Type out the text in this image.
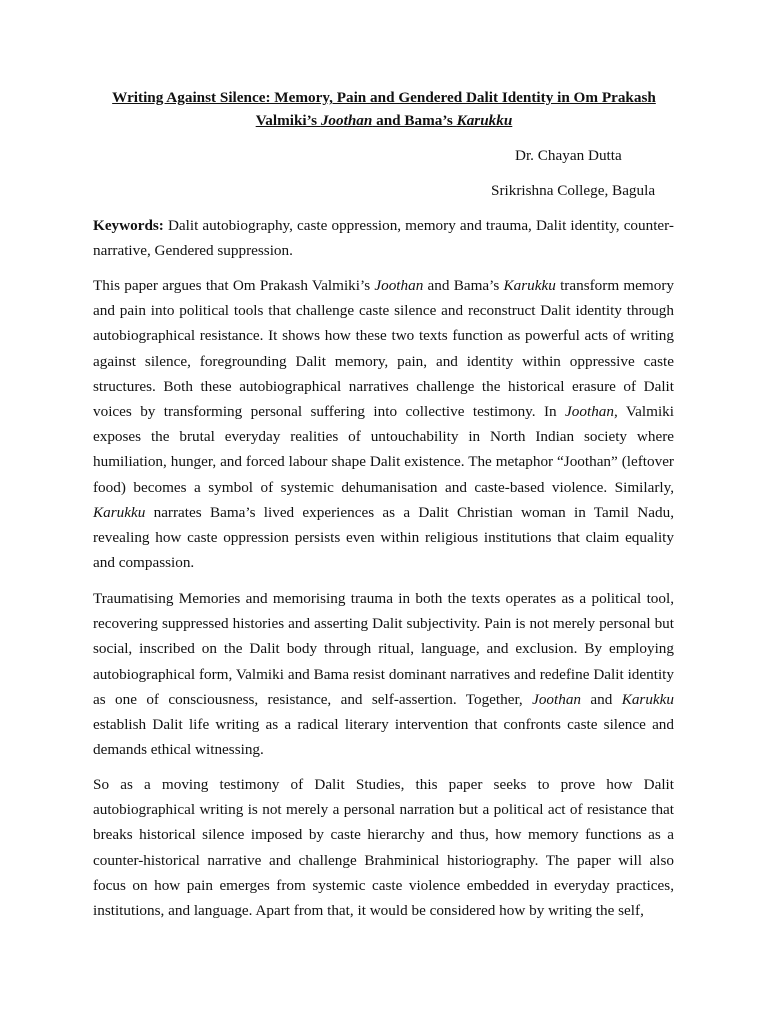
Writing Against Silence: Memory, Pain and Gendered Dalit Identity in Om Prakash Valmiki’s Joothan and Bama’s Karukku

Dr. Chayan Dutta

Srikrishna College, Bagula

Keywords: Dalit autobiography, caste oppression, memory and trauma, Dalit identity, counter-narrative, Gendered suppression.

This paper argues that Om Prakash Valmiki’s Joothan and Bama’s Karukku transform memory and pain into political tools that challenge caste silence and reconstruct Dalit identity through autobiographical resistance. It shows how these two texts function as powerful acts of writing against silence, foregrounding Dalit memory, pain, and identity within oppressive caste structures. Both these autobiographical narratives challenge the historical erasure of Dalit voices by transforming personal suffering into collective testimony. In Joothan, Valmiki exposes the brutal everyday realities of untouchability in North Indian society where humiliation, hunger, and forced labour shape Dalit existence. The metaphor “Joothan” (leftover food) becomes a symbol of systemic dehumanisation and caste-based violence. Similarly, Karukku narrates Bama’s lived experiences as a Dalit Christian woman in Tamil Nadu, revealing how caste oppression persists even within religious institutions that claim equality and compassion.

Traumatising Memories and memorising trauma in both the texts operates as a political tool, recovering suppressed histories and asserting Dalit subjectivity. Pain is not merely personal but social, inscribed on the Dalit body through ritual, language, and exclusion. By employing autobiographical form, Valmiki and Bama resist dominant narratives and redefine Dalit identity as one of consciousness, resistance, and self-assertion. Together, Joothan and Karukku establish Dalit life writing as a radical literary intervention that confronts caste silence and demands ethical witnessing.

So as a moving testimony of Dalit Studies, this paper seeks to prove how Dalit autobiographical writing is not merely a personal narration but a political act of resistance that breaks historical silence imposed by caste hierarchy and thus, how memory functions as a counter-historical narrative and challenge Brahminical historiography. The paper will also focus on how pain emerges from systemic caste violence embedded in everyday practices, institutions, and language. Apart from that, it would be considered how by writing the self,
